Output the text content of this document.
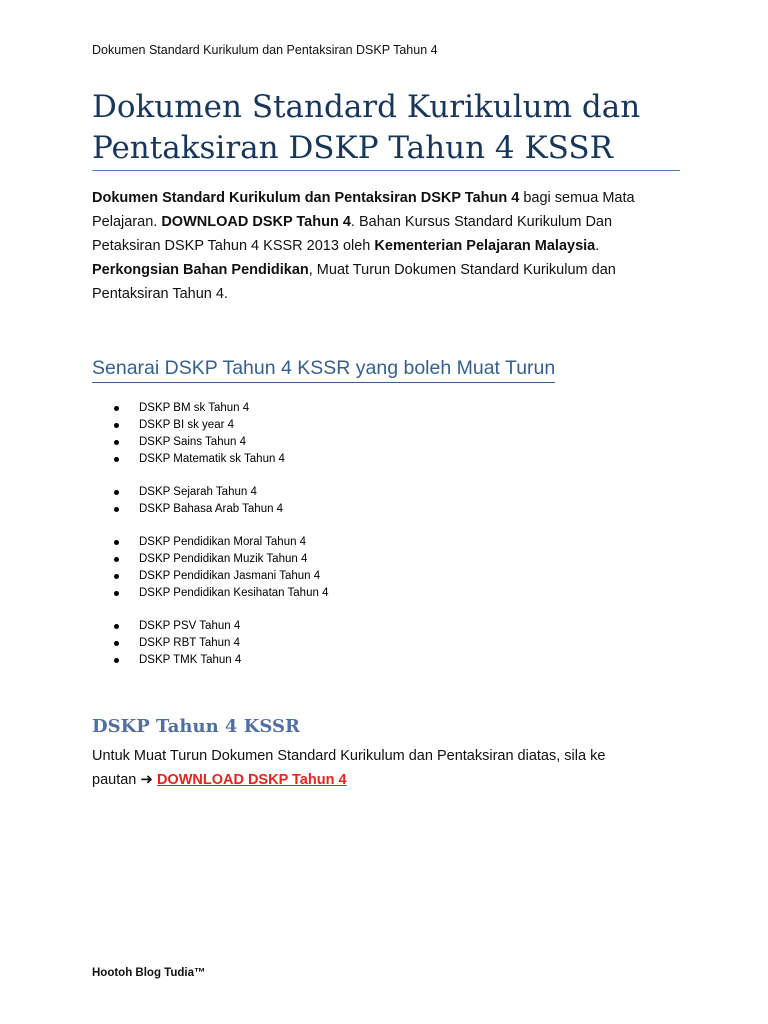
Dokumen Standard Kurikulum dan Pentaksiran DSKP Tahun 4
Dokumen Standard Kurikulum dan Pentaksiran DSKP Tahun 4 KSSR

Dokumen Standard Kurikulum dan Pentaksiran DSKP Tahun 4 bagi semua Mata Pelajaran. DOWNLOAD DSKP Tahun 4. Bahan Kursus Standard Kurikulum Dan Petaksiran DSKP Tahun 4 KSSR 2013 oleh Kementerian Pelajaran Malaysia. Perkongsian Bahan Pendidikan, Muat Turun Dokumen Standard Kurikulum dan Pentaksiran Tahun 4.

Senarai DSKP Tahun 4 KSSR yang boleh Muat Turun
DSKP BM sk Tahun 4
DSKP BI sk year 4
DSKP Sains Tahun 4
DSKP Matematik sk Tahun 4
DSKP Sejarah Tahun 4
DSKP Bahasa Arab Tahun 4
DSKP Pendidikan Moral Tahun 4
DSKP Pendidikan Muzik Tahun 4
DSKP Pendidikan Jasmani Tahun 4
DSKP Pendidikan Kesihatan Tahun 4
DSKP PSV Tahun 4
DSKP RBT Tahun 4
DSKP TMK Tahun 4
DSKP Tahun 4 KSSR

Untuk Muat Turun Dokumen Standard Kurikulum dan Pentaksiran diatas, sila ke pautan ➜ DOWNLOAD DSKP Tahun 4

Hootoh Blog Tudia™
